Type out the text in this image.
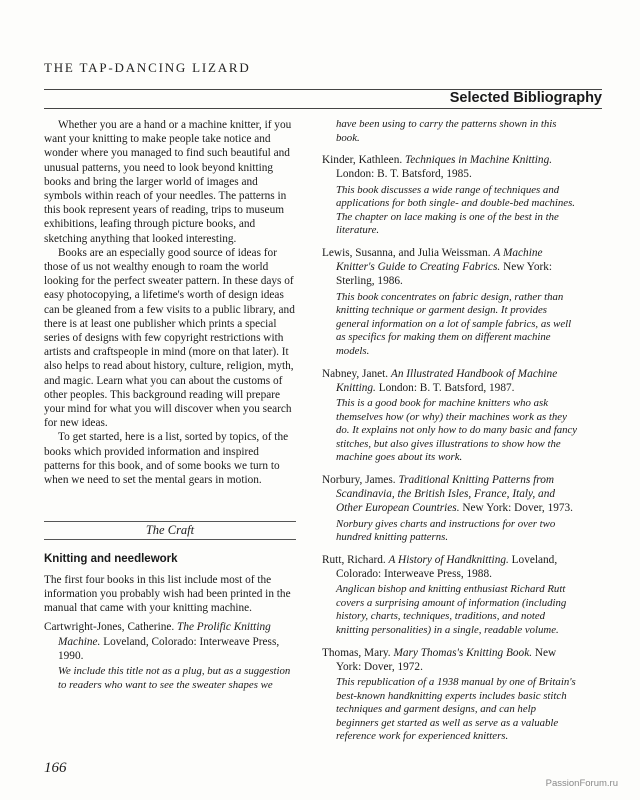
THE TAP-DANCING LIZARD
Selected Bibliography

Whether you are a hand or a machine knitter, if you want your knitting to make people take notice and wonder where you managed to find such beautiful and unusual patterns, you need to look beyond knitting books and bring the larger world of images and symbols within reach of your needles. The patterns in this book represent years of reading, trips to museum exhibitions, leafing through picture books, and sketching anything that looked interesting.

Books are an especially good source of ideas for those of us not wealthy enough to roam the world looking for the perfect sweater pattern. In these days of easy photocopying, a lifetime's worth of design ideas can be gleaned from a few visits to a public library, and there is at least one publisher which prints a special series of designs with few copyright restrictions with artists and craftspeople in mind (more on that later). It also helps to read about history, culture, religion, myth, and magic. Learn what you can about the customs of other peoples. This background reading will prepare your mind for what you will discover when you search for new ideas.

To get started, here is a list, sorted by topics, of the books which provided information and inspired patterns for this book, and of some books we turn to when we need to set the mental gears in motion.

The Craft
Knitting and needlework

The first four books in this list include most of the information you probably wish had been printed in the manual that came with your knitting machine.

Cartwright-Jones, Catherine. The Prolific Knitting Machine. Loveland, Colorado: Interweave Press, 1990.
We include this title not as a plug, but as a suggestion to readers who want to see the sweater shapes we
have been using to carry the patterns shown in this book.
Kinder, Kathleen. Techniques in Machine Knitting. London: B. T. Batsford, 1985.
This book discusses a wide range of techniques and applications for both single- and double-bed machines. The chapter on lace making is one of the best in the literature.
Lewis, Susanna, and Julia Weissman. A Machine Knitter's Guide to Creating Fabrics. New York: Sterling, 1986.
This book concentrates on fabric design, rather than knitting technique or garment design. It provides general information on a lot of sample fabrics, as well as specifics for making them on different machine models.
Nabney, Janet. An Illustrated Handbook of Machine Knitting. London: B. T. Batsford, 1987.
This is a good book for machine knitters who ask themselves how (or why) their machines work as they do. It explains not only how to do many basic and fancy stitches, but also gives illustrations to show how the machine goes about its work.
Norbury, James. Traditional Knitting Patterns from Scandinavia, the British Isles, France, Italy, and Other European Countries. New York: Dover, 1973.
Norbury gives charts and instructions for over two hundred knitting patterns.
Rutt, Richard. A History of Handknitting. Loveland, Colorado: Interweave Press, 1988.
Anglican bishop and knitting enthusiast Richard Rutt covers a surprising amount of information (including history, charts, techniques, traditions, and noted knitting personalities) in a single, readable volume.
Thomas, Mary. Mary Thomas's Knitting Book. New York: Dover, 1972.
This republication of a 1938 manual by one of Britain's best-known handknitting experts includes basic stitch techniques and garment designs, and can help beginners get started as well as serve as a valuable reference work for experienced knitters.
166
PassionForum.ru
